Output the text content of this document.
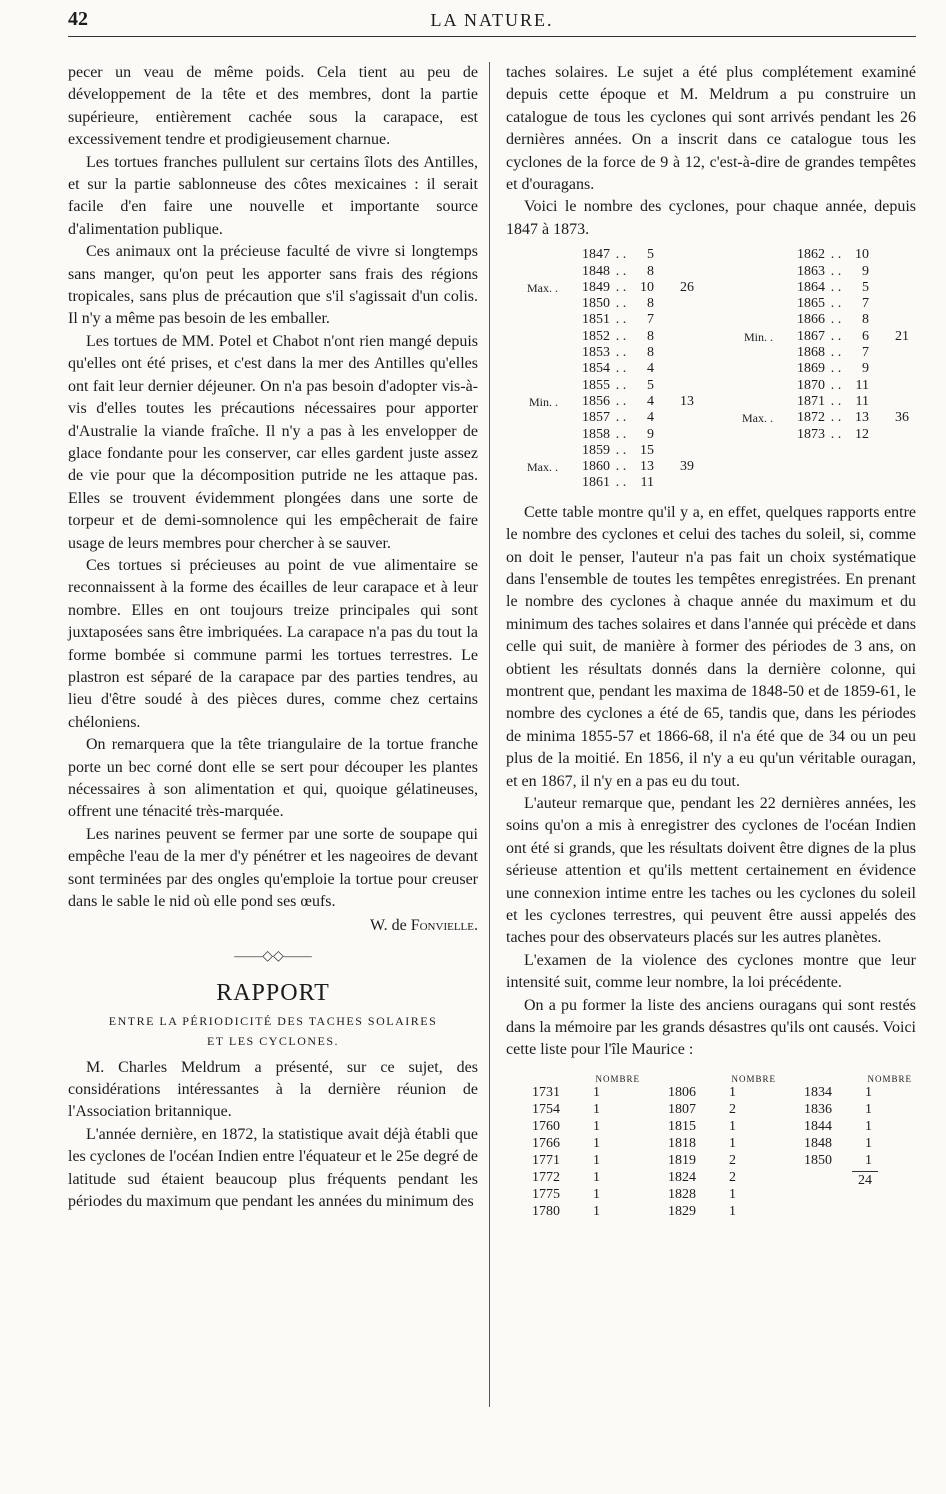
42	LA NATURE.

pecer un veau de même poids. Cela tient au peu de développement de la tête et des membres, dont la partie supérieure, entièrement cachée sous la carapace, est excessivement tendre et prodigieusement charnue.

Les tortues franches pullulent sur certains îlots des Antilles, et sur la partie sablonneuse des côtes mexicaines : il serait facile d'en faire une nouvelle et importante source d'alimentation publique.

Ces animaux ont la précieuse faculté de vivre si longtemps sans manger, qu'on peut les apporter sans frais des régions tropicales, sans plus de précaution que s'il s'agissait d'un colis. Il n'y a même pas besoin de les emballer.

Les tortues de MM. Potel et Chabot n'ont rien mangé depuis qu'elles ont été prises, et c'est dans la mer des Antilles qu'elles ont fait leur dernier déjeuner. On n'a pas besoin d'adopter vis-à-vis d'elles toutes les précautions nécessaires pour apporter d'Australie la viande fraîche. Il n'y a pas à les envelopper de glace fondante pour les conserver, car elles gardent juste assez de vie pour que la décomposition putride ne les attaque pas. Elles se trouvent évidemment plongées dans une sorte de torpeur et de demi-somnolence qui les empêcherait de faire usage de leurs membres pour chercher à se sauver.

Ces tortues si précieuses au point de vue alimentaire se reconnaissent à la forme des écailles de leur carapace et à leur nombre. Elles en ont toujours treize principales qui sont juxtaposées sans être imbriquées. La carapace n'a pas du tout la forme bombée si commune parmi les tortues terrestres. Le plastron est séparé de la carapace par des parties tendres, au lieu d'être soudé à des pièces dures, comme chez certains chéloniens.

On remarquera que la tête triangulaire de la tortue franche porte un bec corné dont elle se sert pour découper les plantes nécessaires à son alimentation et qui, quoique gélatineuses, offrent une ténacité très-marquée.

Les narines peuvent se fermer par une sorte de soupape qui empêche l'eau de la mer d'y pénétrer et les nageoires de devant sont terminées par des ongles qu'emploie la tortue pour creuser dans le sable le nid où elle pond ses œufs.

W. de Fonvielle.
——◇◇——
RAPPORT
ENTRE LA PÉRIODICITÉ DES TACHES SOLAIRES
ET LES CYCLONES.

M. Charles Meldrum a présenté, sur ce sujet, des considérations intéressantes à la dernière réunion de l'Association britannique.

L'année dernière, en 1872, la statistique avait déjà établi que les cyclones de l'océan Indien entre l'équateur et le 25e degré de latitude sud étaient beaucoup plus fréquents pendant les périodes du maximum que pendant les années du minimum des

taches solaires. Le sujet a été plus complétement examiné depuis cette époque et M. Meldrum a pu construire un catalogue de tous les cyclones qui sont arrivés pendant les 26 dernières années. On a inscrit dans ce catalogue tous les cyclones de la force de 9 à 12, c'est-à-dire de grandes tempêtes et d'ouragans.

Voici le nombre des cyclones, pour chaque année, depuis 1847 à 1873.

1847 . .	5
1848 . .	8
Max. .	1849 . . 10	26
1850 . .	8
1851 . .	7
1852 . .	8
1853 . .	8
1854 . .	4
1855 . .	5
Min. .	1856 . .	4	13
1857 . .	4
1858 . .	9
1859 . . 15
Max. .	1860 . . 13	39
1861 . .	11
1862 . . 10
1863 . .	9
1864 . .	5
1865 . .	7
1866 . .	8
Min. .	1867 . .	6	21
1868 . .	7
1869 . .	9
1870 . .	11
1871 . .	11
Max. .	1872 . . 13	36
1873 . . 12

Cette table montre qu'il y a, en effet, quelques rapports entre le nombre des cyclones et celui des taches du soleil, si, comme on doit le penser, l'auteur n'a pas fait un choix systématique dans l'ensemble de toutes les tempêtes enregistrées. En prenant le nombre des cyclones à chaque année du maximum et du minimum des taches solaires et dans l'année qui précède et dans celle qui suit, de manière à former des périodes de 3 ans, on obtient les résultats donnés dans la dernière colonne, qui montrent que, pendant les maxima de 1848-50 et de 1859-61, le nombre des cyclones a été de 65, tandis que, dans les périodes de minima 1855-57 et 1866-68, il n'a été que de 34 ou un peu plus de la moitié. En 1856, il n'y a eu qu'un véritable ouragan, et en 1867, il n'y en a pas eu du tout.

L'auteur remarque que, pendant les 22 dernières années, les soins qu'on a mis à enregistrer des cyclones de l'océan Indien ont été si grands, que les résultats doivent être dignes de la plus sérieuse attention et qu'ils mettent certainement en évidence une connexion intime entre les taches ou les cyclones du soleil et les cyclones terrestres, qui peuvent être aussi appelés des taches pour des observateurs placés sur les autres planètes.

L'examen de la violence des cyclones montre que leur intensité suit, comme leur nombre, la loi précédente.

On a pu former la liste des anciens ouragans qui sont restés dans la mémoire par les grands désastres qu'ils ont causés. Voici cette liste pour l'île Maurice :

NOMBRE
1731	1
1754	1
1760	1
1766	1
1771	1
1772	1
1775	1
1780	1
NOMBRE
1806	1
1807	2
1815	1
1818	1
1819	2
1824	2
1828	1
1829	1
NOMBRE
1834	1
1836	1
1844	1
1848	1
1850	1
24
